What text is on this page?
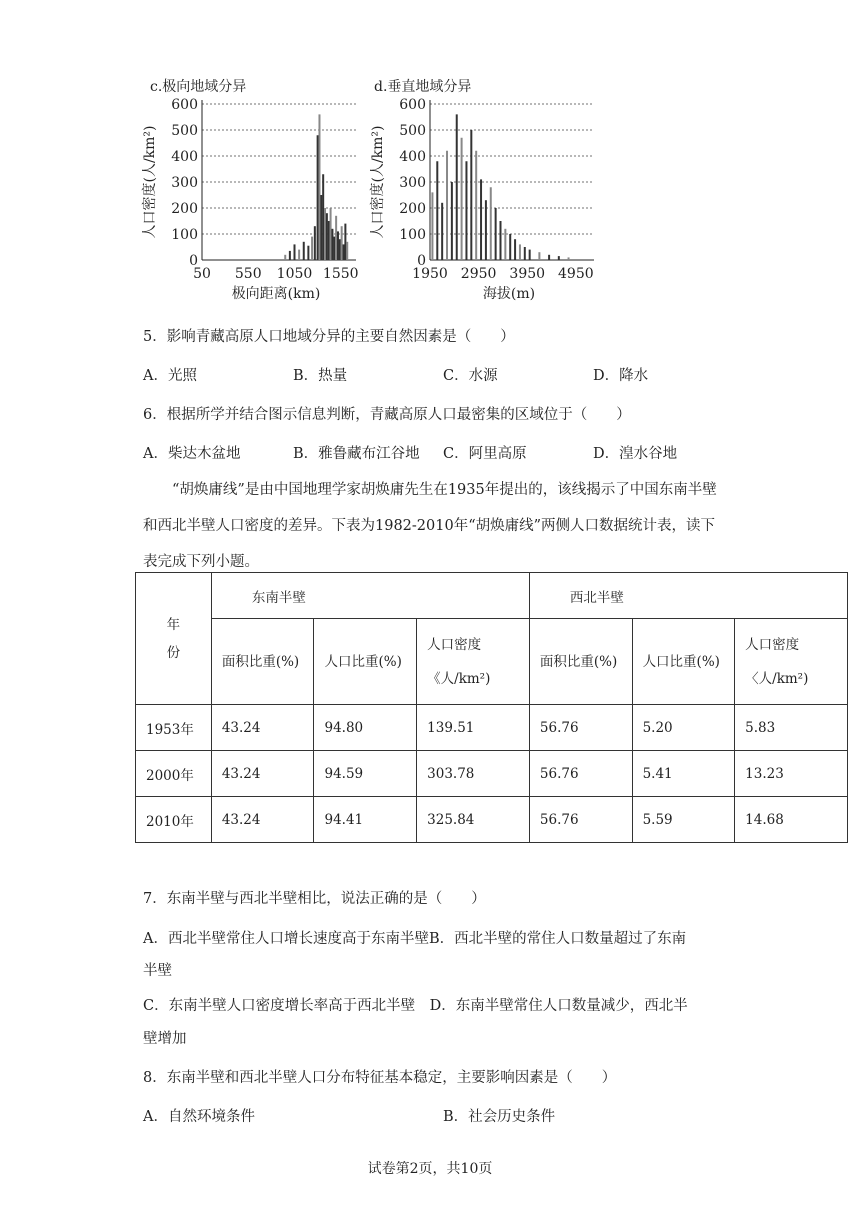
c.极向地域分异
0
100
200
300
400
500
600
50 550 1050 1550
人口密度(人/km²)
极向距离(km)
d.垂直地域分异
0
100
200
300
400
500
600
1950 2950 3950 4950
人口密度(人/km²)
海拔(m)
5．影响青藏高原人口地域分异的主要自然因素是（　　）
A．光照	B．热量	C．水源	D．降水
6．根据所学并结合图示信息判断，青藏高原人口最密集的区域位于（　　）
A．柴达木盆地	B．雅鲁藏布江谷地 C．阿里高原	D．湟水谷地
“胡焕庸线”是由中国地理学家胡焕庸先生在1935年提出的，该线揭示了中国东南半壁和西北半壁人口密度的差异。下表为1982-2010年“胡焕庸线”两侧人口数据统计表，读下表完成下列小题。
年
份	东南半壁			西北半壁		
	面积比重(%)	人口比重(%)	人口密度《人/km²)	面积比重(%)	人口比重(%)	人口密度〈人/km²)
1953年	43.24	94.80	139.51	56.76	5.20	5.83
2000年	43.24	94.59	303.78	56.76	5.41	13.23
2010年	43.24	94.41	325.84	56.76	5.59	14.68
7．东南半壁与西北半壁相比，说法正确的是（　　）
A．西北半壁常住人口增长速度高于东南半壁B．西北半壁的常住人口数量超过了东南
半壁
C．东南半壁人口密度增长率高于西北半壁　D．东南半壁常住人口数量减少，西北半
壁增加
8．东南半壁和西北半壁人口分布特征基本稳定，主要影响因素是（　　）
A．自然环境条件	B．社会历史条件
试卷第2页，共10页
